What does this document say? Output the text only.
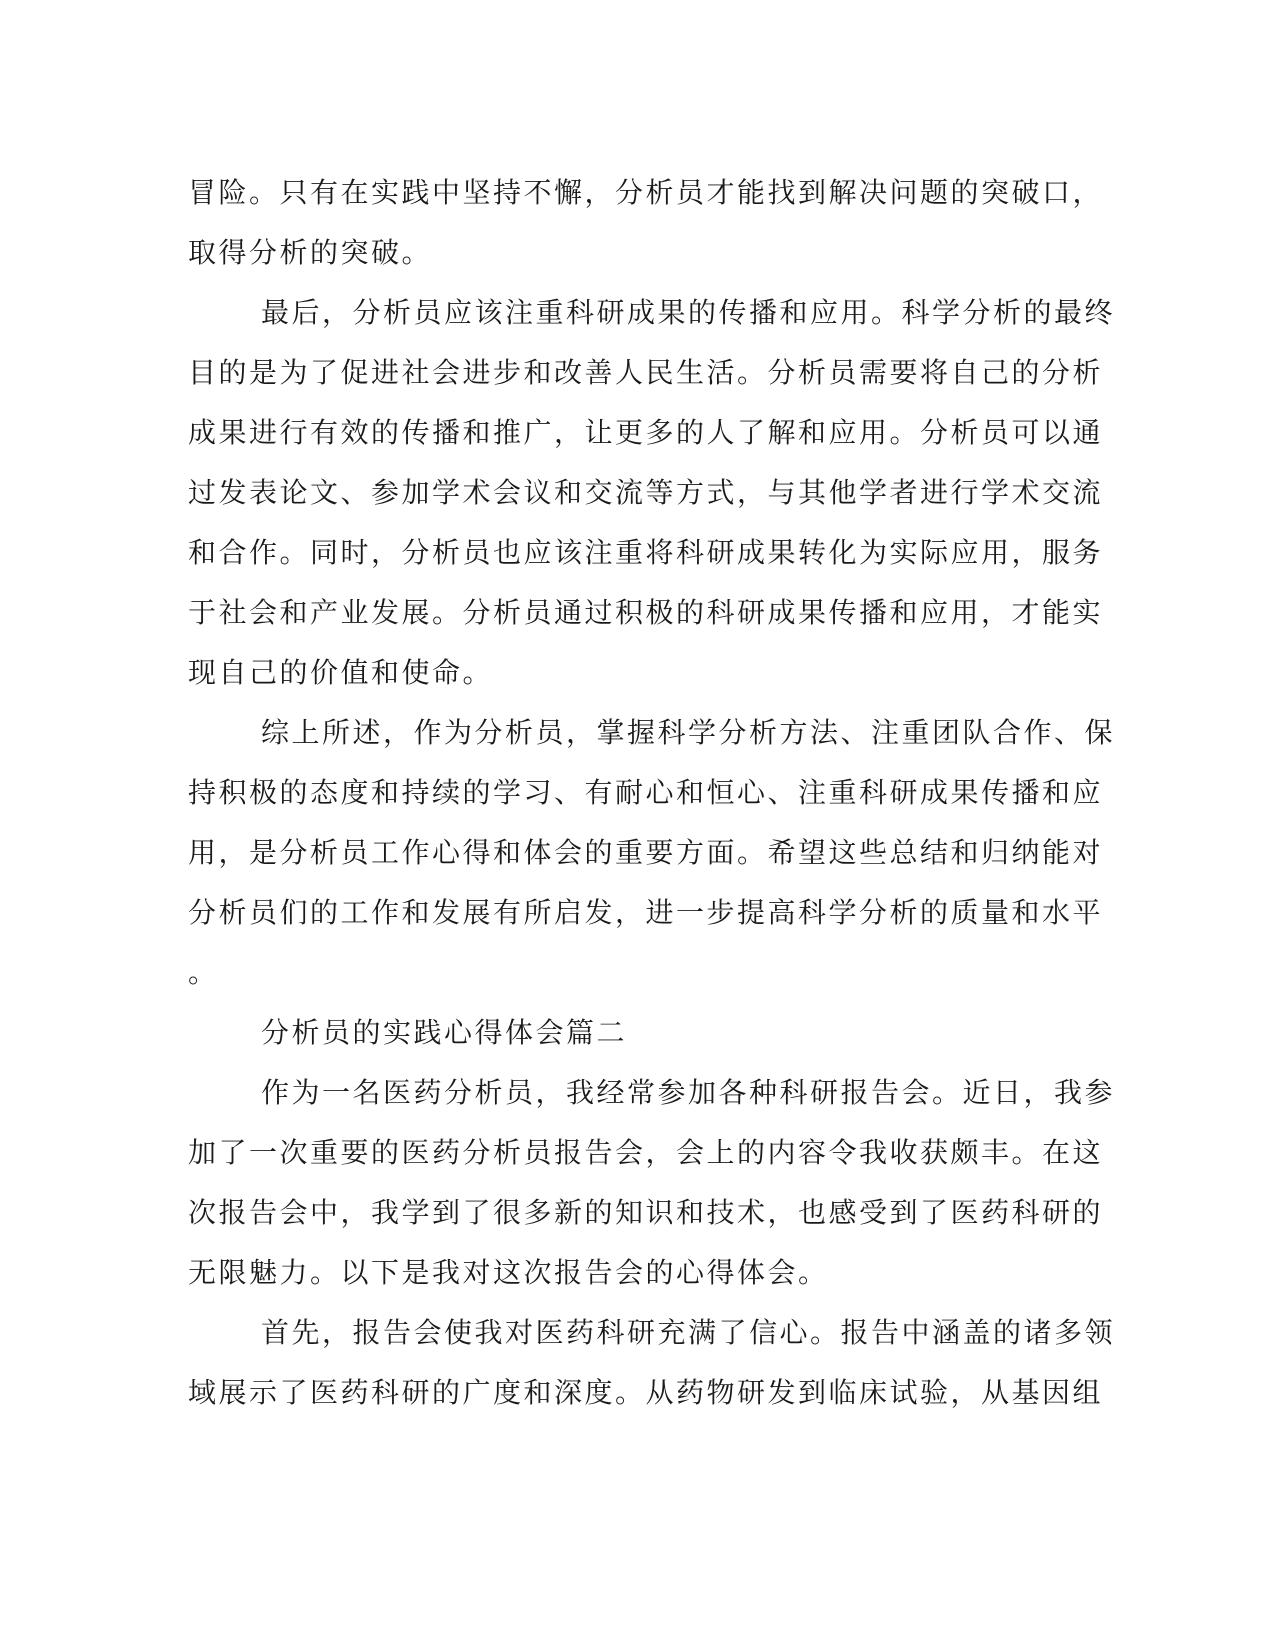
冒险。只有在实践中坚持不懈，分析员才能找到解决问题的突破口，
取得分析的突破。
最后，分析员应该注重科研成果的传播和应用。科学分析的最终
目的是为了促进社会进步和改善人民生活。分析员需要将自己的分析
成果进行有效的传播和推广，让更多的人了解和应用。分析员可以通
过发表论文、参加学术会议和交流等方式，与其他学者进行学术交流
和合作。同时，分析员也应该注重将科研成果转化为实际应用，服务
于社会和产业发展。分析员通过积极的科研成果传播和应用，才能实
现自己的价值和使命。
综上所述，作为分析员，掌握科学分析方法、注重团队合作、保
持积极的态度和持续的学习、有耐心和恒心、注重科研成果传播和应
用，是分析员工作心得和体会的重要方面。希望这些总结和归纳能对
分析员们的工作和发展有所启发，进一步提高科学分析的质量和水平
。
分析员的实践心得体会篇二
作为一名医药分析员，我经常参加各种科研报告会。近日，我参
加了一次重要的医药分析员报告会，会上的内容令我收获颇丰。在这
次报告会中，我学到了很多新的知识和技术，也感受到了医药科研的
无限魅力。以下是我对这次报告会的心得体会。
首先，报告会使我对医药科研充满了信心。报告中涵盖的诸多领
域展示了医药科研的广度和深度。从药物研发到临床试验，从基因组
